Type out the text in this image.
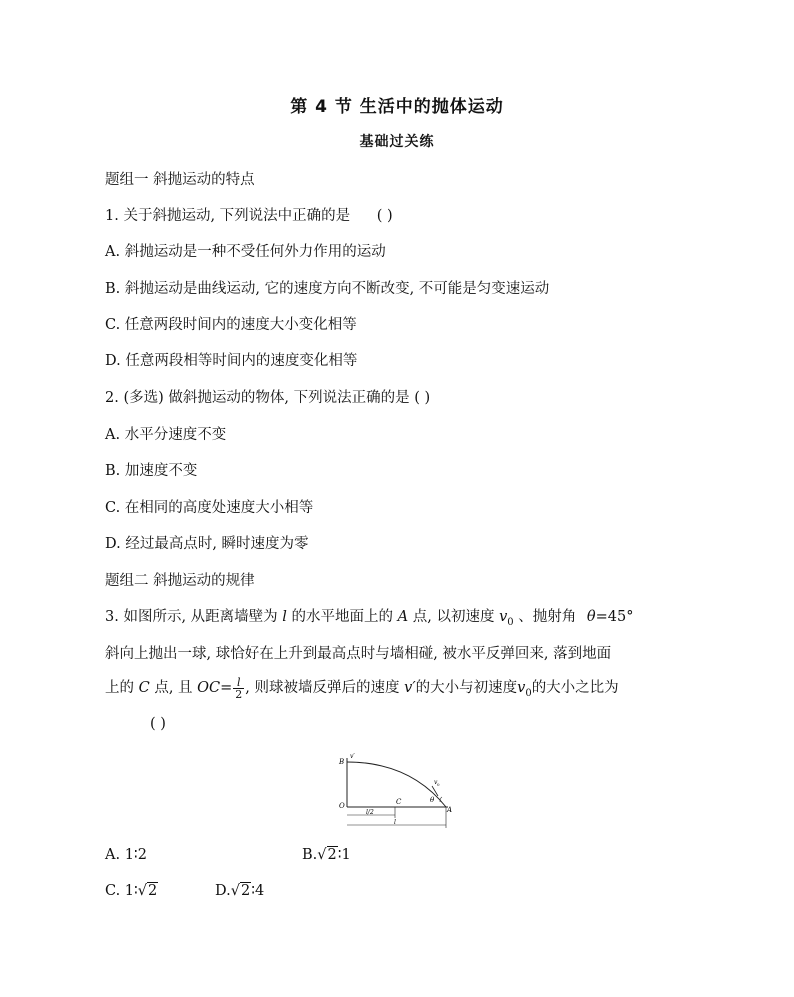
第 4 节 生活中的抛体运动
基础过关练
题组一 斜抛运动的特点
1. 关于斜抛运动, 下列说法中正确的是 ( )
A. 斜抛运动是一种不受任何外力作用的运动
B. 斜抛运动是曲线运动, 它的速度方向不断改变, 不可能是匀变速运动
C. 任意两段时间内的速度大小变化相等
D. 任意两段相等时间内的速度变化相等
2. (多选) 做斜抛运动的物体, 下列说法正确的是 ( )
A. 水平分速度不变
B. 加速度不变
C. 在相同的高度处速度大小相等
D. 经过最高点时, 瞬时速度为零
题组二 斜抛运动的规律
3. 如图所示, 从距离墙壁为 l 的水平地面上的 A 点, 以初速度 $v_0$ 、抛射角 θ=45°
斜向上抛出一球, 球恰好在上升到最高点时与墙相碰, 被水平反弹回来, 落到地面
上的 C 点, 且 $OC= \frac{l}{2}$ , 则球被墙反弹后的速度 v′的大小与初速度$v_0$的大小之比为
( )
B
v′
O	C	θ
A
v 0
l/2
l
A. 1∶2	B.√2∶1
C. 1∶√2	D.√2∶4
